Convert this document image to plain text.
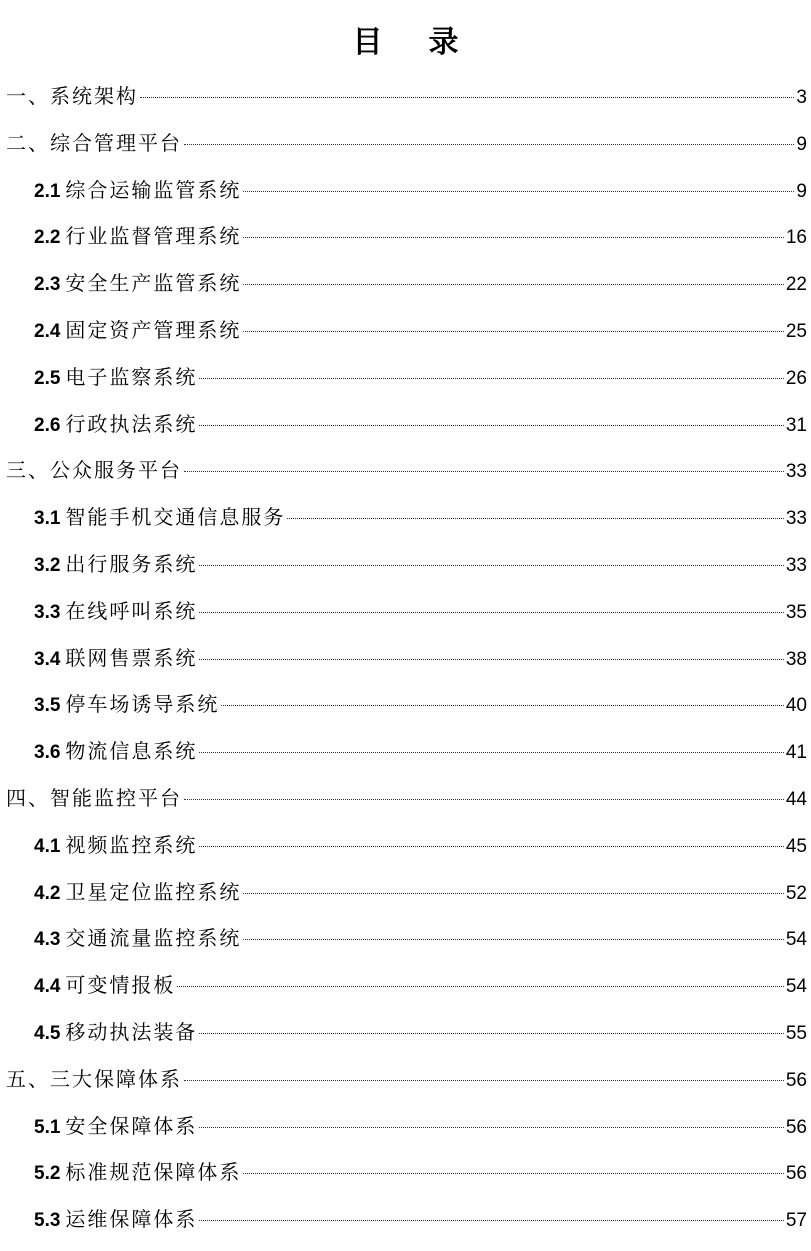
目 录
一、系统架构	3
二、综合管理平台	9
2.1 综合运输监管系统	9
2.2 行业监督管理系统	16
2.3 安全生产监管系统	22
2.4 固定资产管理系统	25
2.5 电子监察系统	26
2.6 行政执法系统	31
三、公众服务平台	33
3.1 智能手机交通信息服务	33
3.2 出行服务系统	33
3.3 在线呼叫系统	35
3.4 联网售票系统	38
3.5 停车场诱导系统	40
3.6 物流信息系统	41
四、智能监控平台	44
4.1 视频监控系统	45
4.2 卫星定位监控系统	52
4.3 交通流量监控系统	54
4.4 可变情报板	54
4.5 移动执法装备	55
五、三大保障体系	56
5.1 安全保障体系	56
5.2 标准规范保障体系	56
5.3 运维保障体系	57
